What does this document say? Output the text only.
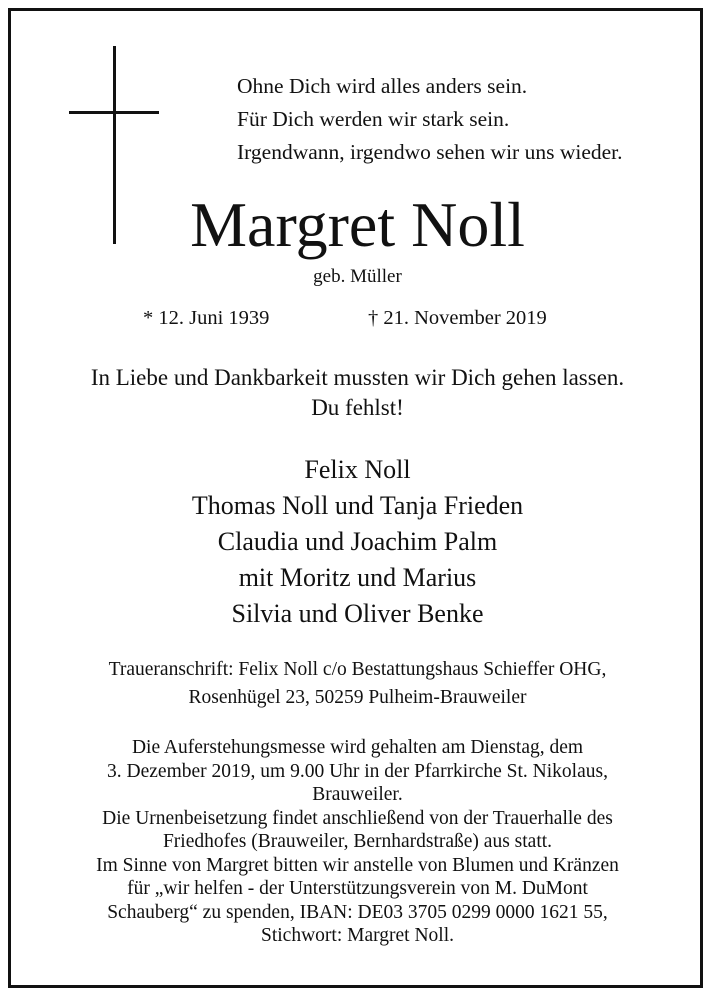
Ohne Dich wird alles anders sein.
Für Dich werden wir stark sein.
Irgendwann, irgendwo sehen wir uns wieder.
Margret Noll
geb. Müller
* 12. Juni 1939	† 21. November 2019
In Liebe und Dankbarkeit mussten wir Dich gehen lassen.
Du fehlst!
Felix Noll
Thomas Noll und Tanja Frieden
Claudia und Joachim Palm
mit Moritz und Marius
Silvia und Oliver Benke
Traueranschrift: Felix Noll c/o Bestattungshaus Schieffer OHG,
Rosenhügel 23, 50259 Pulheim-Brauweiler
Die Auferstehungsmesse wird gehalten am Dienstag, dem
3. Dezember 2019, um 9.00 Uhr in der Pfarrkirche St. Nikolaus,
Brauweiler.
Die Urnenbeisetzung findet anschließend von der Trauerhalle des
Friedhofes (Brauweiler, Bernhardstraße) aus statt.
Im Sinne von Margret bitten wir anstelle von Blumen und Kränzen
für „wir helfen - der Unterstützungsverein von M. DuMont
Schauberg“ zu spenden, IBAN: DE03 3705 0299 0000 1621 55,
Stichwort: Margret Noll.
